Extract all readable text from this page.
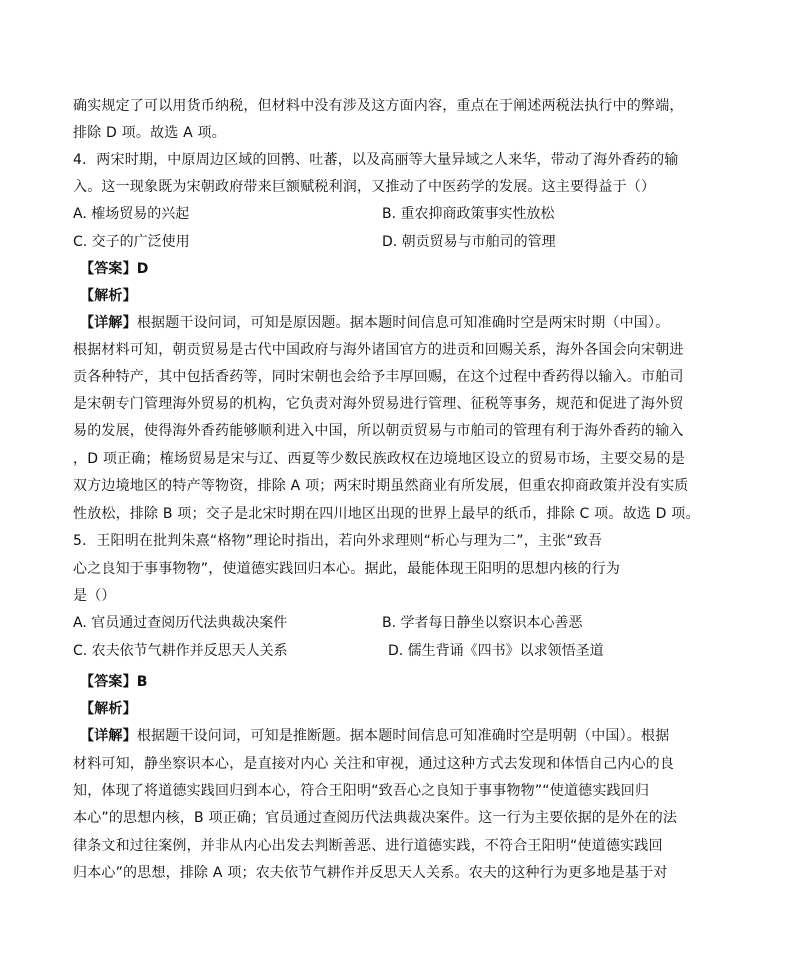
确实规定了可以用货币纳税，但材料中没有涉及这方面内容，重点在于阐述两税法执行中的弊端，
排除 D 项。故选 A 项。
4．两宋时期，中原周边区域的回鹘、吐蕃，以及高丽等大量异域之人来华，带动了海外香药的输
入。这一现象既为宋朝政府带来巨额赋税利润，又推动了中医药学的发展。这主要得益于（）
A. 榷场贸易的兴起	B. 重农抑商政策事实性放松
C. 交子的广泛使用	D. 朝贡贸易与市舶司的管理
【答案】D
【解析】
【详解】根据题干设问词，可知是原因题。据本题时间信息可知准确时空是两宋时期（中国）。
根据材料可知，朝贡贸易是古代中国政府与海外诸国官方的进贡和回赐关系，海外各国会向宋朝进
贡各种特产，其中包括香药等，同时宋朝也会给予丰厚回赐，在这个过程中香药得以输入。市舶司
是宋朝专门管理海外贸易的机构，它负责对海外贸易进行管理、征税等事务，规范和促进了海外贸
易的发展，使得海外香药能够顺利进入中国，所以朝贡贸易与市舶司的管理有利于海外香药的输入
，D 项正确；榷场贸易是宋与辽、西夏等少数民族政权在边境地区设立的贸易市场，主要交易的是
双方边境地区的特产等物资，排除 A 项；两宋时期虽然商业有所发展，但重农抑商政策并没有实质
性放松，排除 B 项；交子是北宋时期在四川地区出现的世界上最早的纸币，排除 C 项。故选 D 项。
5．王阳明在批判朱熹“格物”理论时指出，若向外求理则“析心与理为二”，主张“致吾
心之良知于事事物物”，使道德实践回归本心。据此，最能体现王阳明的思想内核的行为
是（）
A. 官员通过查阅历代法典裁决案件	B. 学者每日静坐以察识本心善恶
C. 农夫依节气耕作并反思天人关系	D. 儒生背诵《四书》以求领悟圣道
【答案】B
【解析】
【详解】根据题干设问词，可知是推断题。据本题时间信息可知准确时空是明朝（中国）。根据
材料可知，静坐察识本心，是直接对内心 关注和审视，通过这种方式去发现和体悟自己内心的良
知，体现了将道德实践回归到本心，符合王阳明“致吾心之良知于事事物物”“使道德实践回归
本心”的思想内核，B 项正确；官员通过查阅历代法典裁决案件。这一行为主要依据的是外在的法
律条文和过往案例，并非从内心出发去判断善恶、进行道德实践，不符合王阳明“使道德实践回
归本心”的思想，排除 A 项；农夫依节气耕作并反思天人关系。农夫的这种行为更多地是基于对
